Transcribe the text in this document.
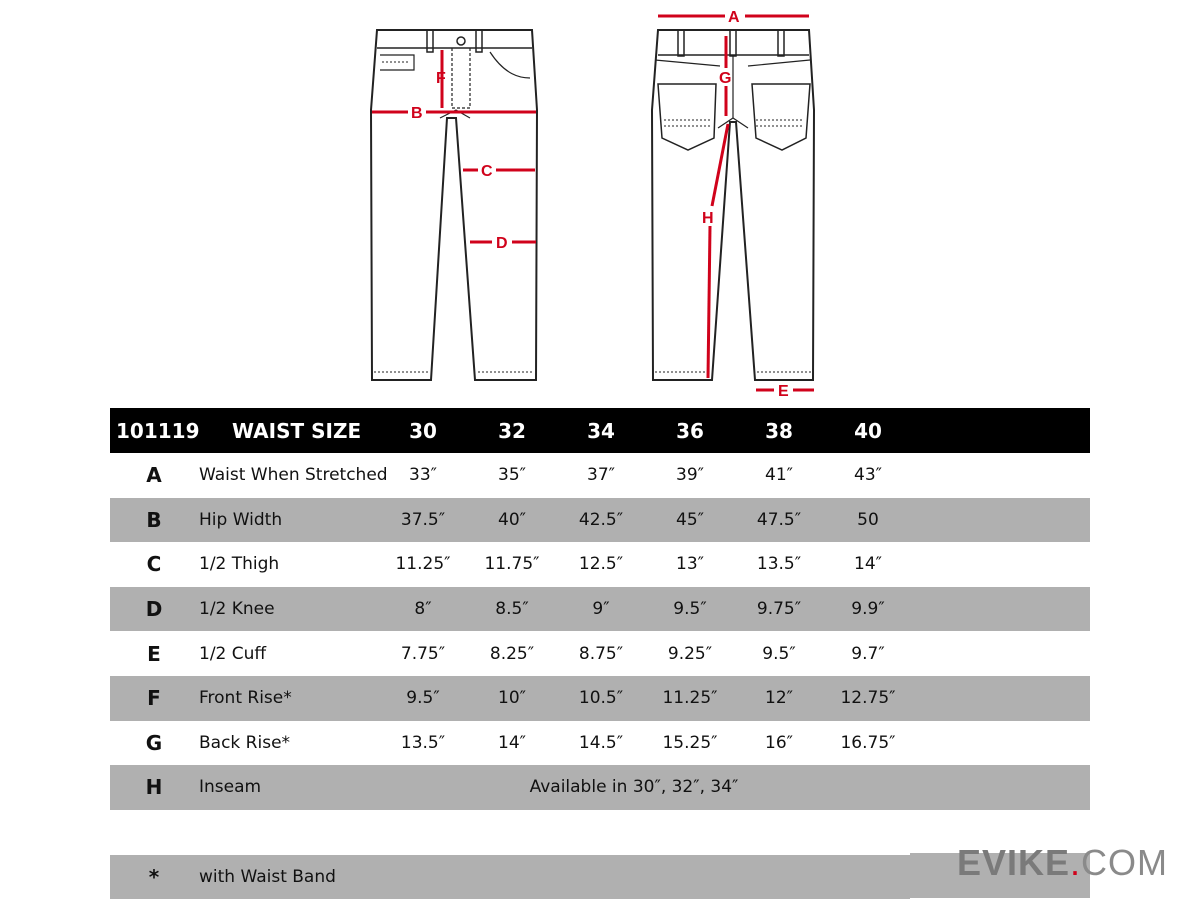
F
B
C
D
A
G
H
E
101119 WAIST SIZE	30	32	34	36	38	40
A	Waist When Stretched	33″	35″	37″	39″	41″	43″
B	Hip Width	37.5″	40″	42.5″	45″	47.5″	50
C	1/2 Thigh	11.25″	11.75″	12.5″	13″	13.5″	14″
D	1/2 Knee	8″	8.5″	9″	9.5″	9.75″	9.9″
E	1/2 Cuff	7.75″	8.25″	8.75″	9.25″	9.5″	9.7″
F	Front Rise*	9.5″	10″	10.5″	11.25″	12″	12.75″
G	Back Rise*	13.5″	14″	14.5″	15.25″	16″	16.75″
H	Inseam	Available in 30″, 32″, 34″
*	with Waist Band	EVIKE.COM
